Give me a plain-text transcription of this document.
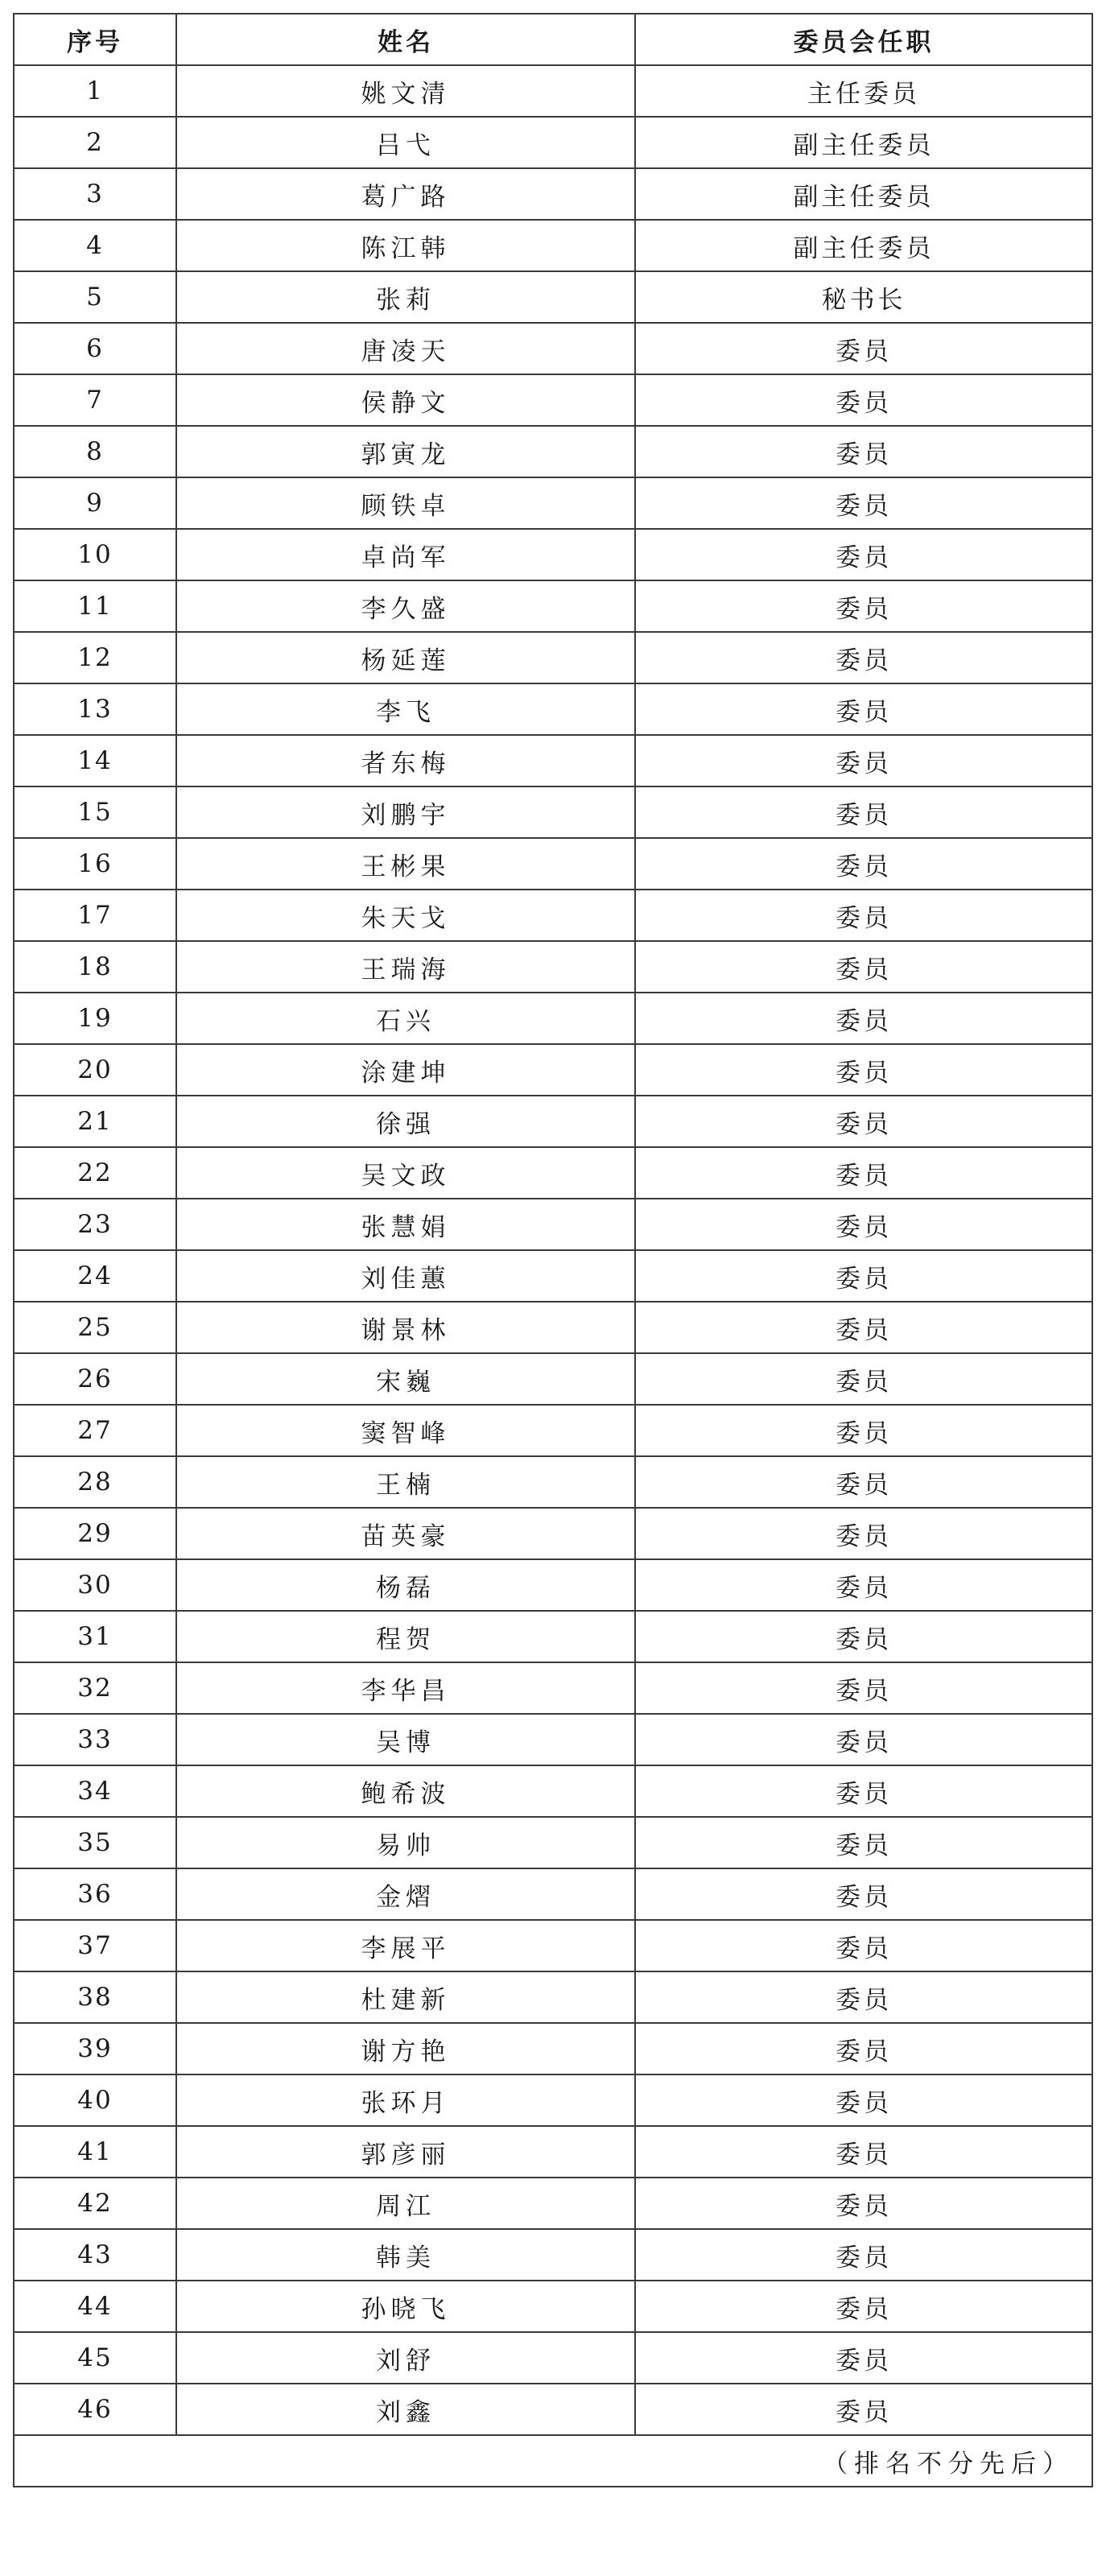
序号	姓名	委员会任职
1	姚文清	主任委员
2	吕弋	副主任委员
3	葛广路	副主任委员
4	陈江韩	副主任委员
5	张莉	秘书长
6	唐凌天	委员
7	侯静文	委员
8	郭寅龙	委员
9	顾铁卓	委员
10	卓尚军	委员
11	李久盛	委员
12	杨延莲	委员
13	李飞	委员
14	者东梅	委员
15	刘鹏宇	委员
16	王彬果	委员
17	朱天戈	委员
18	王瑞海	委员
19	石兴	委员
20	涂建坤	委员
21	徐强	委员
22	吴文政	委员
23	张慧娟	委员
24	刘佳蕙	委员
25	谢景林	委员
26	宋巍	委员
27	窦智峰	委员
28	王楠	委员
29	苗英豪	委员
30	杨磊	委员
31	程贺	委员
32	李华昌	委员
33	吴博	委员
34	鲍希波	委员
35	易帅	委员
36	金熠	委员
37	李展平	委员
38	杜建新	委员
39	谢方艳	委员
40	张环月	委员
41	郭彦丽	委员
42	周江	委员
43	韩美	委员
44	孙晓飞	委员
45	刘舒	委员
46	刘鑫	委员
	（排名不分先后）	
